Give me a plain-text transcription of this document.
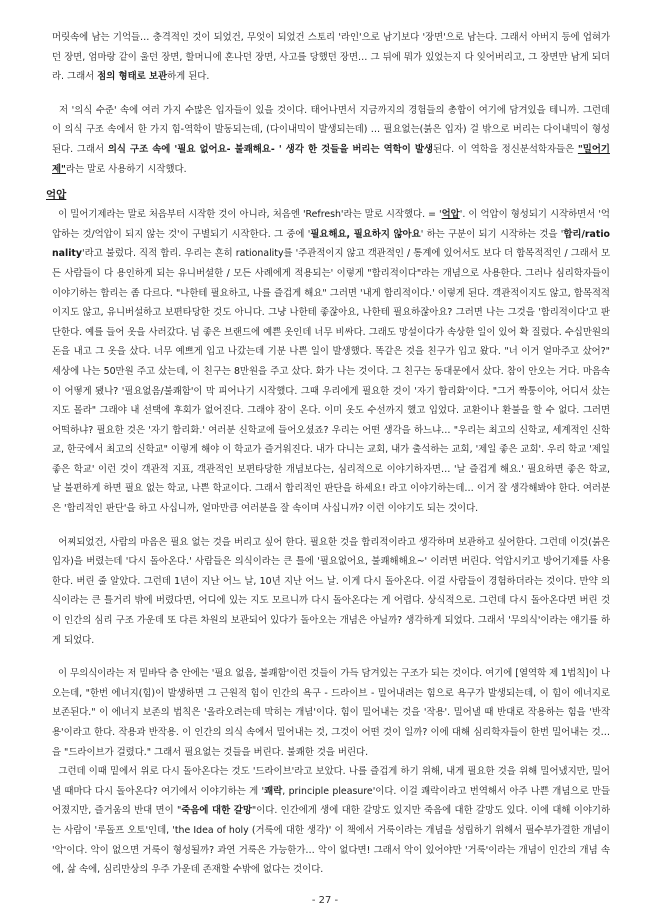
머릿속에 남는 기억들… 충격적인 것이 되었건, 무엇이 되었건 스토리 '라인'으로 남기보다 '장면'으로 남는다. 그래서 아버지 등에 업혀가던 장면, 엄마랑 같이 울던 장면, 할머니에 혼나던 장면, 사고를 당했던 장면… 그 뒤에 뭐가 있었는지 다 잊어버리고, 그 장면만 남게 되더라. 그래서 점의 형태로 보관하게 된다.

저 '의식 수준' 속에 여러 가지 수많은 입자들이 있을 것이다. 태어나면서 지금까지의 경험들의 총합이 여기에 담겨있을 테니까. 그런데 이 의식 구조 속에서 한 가지 힘-역학이 발동되는데, (다이내믹이 발생되는데) … 필요없는(붉은 입자) 걸 밖으로 버리는 다이내믹이 형성된다. 그래서 의식 구조 속에 '필요 없어요- 불쾌해요- ' 생각 한 것들을 버리는 역학이 발생된다. 이 역학을 정신분석학자들은 "밀어기제"라는 말로 사용하기 시작했다.

억압

이 밀어기제라는 말로 처음부터 시작한 것이 아니라, 처음엔 'Refresh'라는 말로 시작했다. = '억압'. 이 억압이 형성되기 시작하면서 '억압하는 것/억압이 되지 않는 것'이 구별되기 시작한다. 그 중에 '필요해요, 필요하지 않아요' 하는 구분이 되기 시작하는 것을 '합리/rationality'라고 불렀다. 직적 합리. 우리는 흔히 rationality를 '주관적이지 않고 객관적인 / 통계에 있어서도 보다 더 합목적적인 / 그래서 모든 사람들이 다 용인하게 되는 유니버셜한 / 모든 사례에게 적용되는' 이렇게 "합리적이다"라는 개념으로 사용한다. 그러나 심리학자들이 이야기하는 합리는 좀 다르다. "나한테 필요하고, 나를 즐겁게 해요" 그러면 '내게 합리적이다.' 이렇게 된다. 객관적이지도 않고, 합목적적이지도 않고, 유니버설하고 보편타당한 것도 아니다. 그냥 나한테 좋잖아요, 나한테 필요하잖아요? 그러면 나는 그것을 '합리적이다'고 판단한다. 예를 들어 옷을 사러갔다. 넘 좋은 브랜드에 예쁜 옷인데 너무 비싸다. 그래도 망설이다가 속상한 일이 있어 확 질렀다. 수십만원의 돈을 내고 그 옷을 샀다. 너무 예쁘게 입고 나갔는데 기분 나쁜 일이 발생했다. 똑같은 것을 친구가 입고 왔다. "너 이거 얼마주고 샀어?" 세상에 나는 50만원 주고 샀는데, 이 친구는 8만원을 주고 샀다. 화가 나는 것이다. 그 친구는 동대문에서 샀다. 참이 안오는 거다. 마음속이 어떻게 됐나? '필요없음/불쾌함'이 막 피어나기 시작했다. 그때 우리에게 필요한 것이 '자기 합리화'이다. "그거 짝퉁이야, 어디서 샀는지도 몰라" 그래야 내 선택에 후회가 없어진다. 그래야 잠이 온다. 이미 옷도 수선까지 했고 입었다. 교환이나 환불을 할 수 없다. 그러면 어떡하냐? 필요한 것은 '자기 합리화.' 여러분 신학교에 들어오셨죠? 우리는 어떤 생각을 하느냐… "우리는 최고의 신학교, 세계적인 신학교, 한국에서 최고의 신학교" 이렇게 해야 이 학교가 즐거워진다. 내가 다니는 교회, 내가 출석하는 교회, '제일 좋은 교회'. 우리 학교 '제일 좋은 학교' 이런 것이 객관적 지표, 객관적인 보편타당한 개념보다는, 심리적으로 이야기하자면… '날 즐겁게 해요.' 필요하면 좋은 학교, 날 불편하게 하면 필요 없는 학교, 나쁜 학교이다. 그래서 합리적인 판단을 하세요! 라고 이야기하는데… 이거 잘 생각해봐야 한다. 여러분은 '합리적인 판단'을 하고 사십니까, 얼마만큼 여러분을 잘 속이며 사십니까? 이런 이야기도 되는 것이다.

어찌되었건, 사람의 마음은 필요 없는 것을 버리고 싶어 한다. 필요한 것을 합리적이라고 생각하며 보관하고 싶어한다. 그런데 이것(붉은 입자)을 버렸는데 '다시 돌아온다.' 사람들은 의식이라는 큰 틀에 '필요없어요, 불쾌해해요~' 이러면 버린다. 억압시키고 방어기제를 사용한다. 버린 줄 알았다. 그런데 1년이 지난 어느 날, 10년 지난 어느 날. 이게 다시 돌아온다. 이걸 사람들이 경험하더라는 것이다. 만약 의식이라는 큰 틀거리 밖에 버렸다면, 어디에 있는 지도 모르니까 다시 돌아온다는 게 어렵다. 상식적으로. 그런데 다시 돌아온다면 버린 것이 인간의 심리 구조 가운데 또 다른 차원의 보관되어 있다가 돌아오는 개념은 아닐까? 생각하게 되었다. 그래서 '무의식'이라는 얘기를 하게 되었다.

이 무의식이라는 저 밑바닥 층 안에는 '필요 없음, 불쾌함'이런 것들이 가득 담겨있는 구조가 되는 것이다. 여기에 [열역학 제 1법칙]이 나오는데, "한번 에너지(힘)이 발생하면 그 근원적 힘이 인간의 욕구 - 드라이브 - 밀어내려는 힘으로 욕구가 발생되는데, 이 힘이 에너지로 보존된다." 이 에너지 보존의 법칙은 '올라오려는데 막히는 개념'이다. 힘이 밀어내는 것을 '작용'. 밀어낼 때 반대로 작용하는 힘을 '반작용'이라고 한다. 작용과 반작용. 이 인간의 의식 속에서 밀어내는 것, 그것이 어떤 것이 일까? 이에 대해 심리학자들이 한번 밀어내는 것… 을 "드라이브가 걸렸다." 그래서 필요없는 것들을 버린다. 불쾌한 것을 버린다.

그런데 이때 밑에서 위로 다시 돌아온다는 것도 '드라이브'라고 보았다. 나를 즐겁게 하기 위해, 내게 필요한 것을 위해 밀어냈지만, 밀어 낼 때마다 다시 돌아온다? 여기에서 이야기하는 게 '쾌락, principle pleasure'이다. 이걸 쾌락이라고 번역해서 아주 나쁜 개념으로 만들어졌지만, 즐거움의 반대 면이 "죽음에 대한 갈망"이다. 인간에게 생에 대한 갈망도 있지만 죽음에 대한 갈망도 있다. 이에 대해 이야기하는 사람이 '루돌프 오토'인데, 'the Idea of holy (거룩에 대한 생각)' 이 책에서 거룩이라는 개념을 성립하기 위해서 필수부가결한 개념이 '악'이다. 악이 없으면 거룩이 형성될까? 과연 거룩은 가능한가… 악이 없다면! 그래서 악이 있어야만 '거룩'이라는 개념이 인간의 개념 속에, 삶 속에, 심리만상의 우주 가운데 존재할 수밖에 없다는 것이다.

- 27 -
